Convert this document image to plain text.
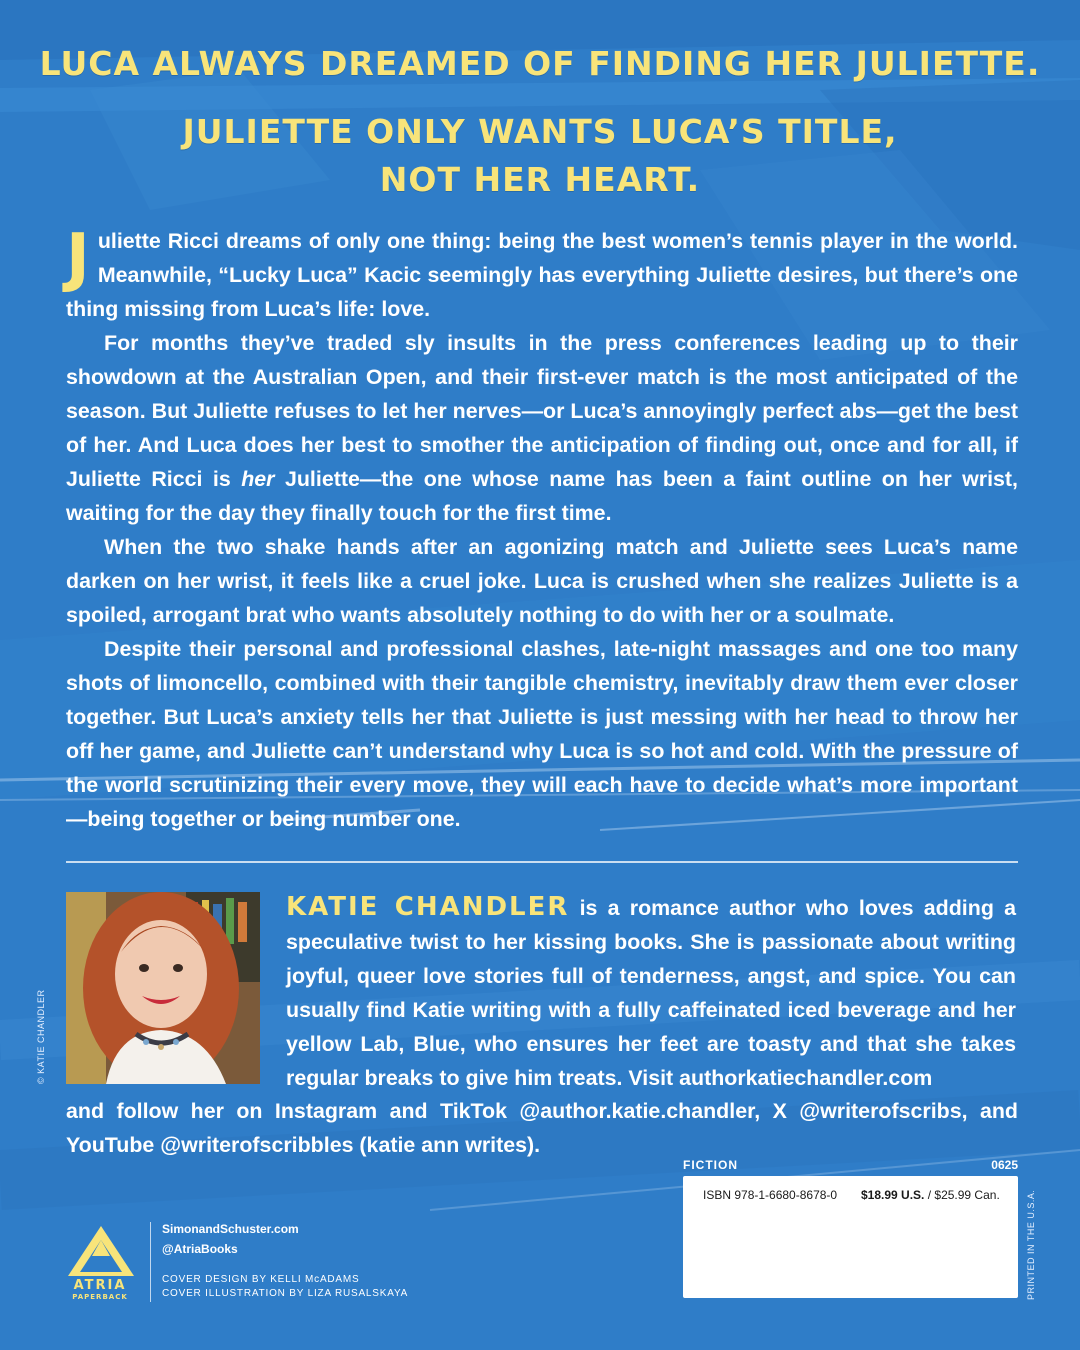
LUCA ALWAYS DREAMED OF FINDING HER JULIETTE.
JULIETTE ONLY WANTS LUCA’S TITLE,
NOT HER HEART.

Juliette Ricci dreams of only one thing: being the best women’s tennis player in the world. Meanwhile, “Lucky Luca” Kacic seemingly has everything Juliette desires, but there’s one thing missing from Luca’s life: love.

For months they’ve traded sly insults in the press conferences leading up to their showdown at the Australian Open, and their first-ever match is the most anticipated of the season. But Juliette refuses to let her nerves—or Luca’s annoyingly perfect abs—get the best of her. And Luca does her best to smother the anticipation of finding out, once and for all, if Juliette Ricci is her Juliette—the one whose name has been a faint outline on her wrist, waiting for the day they finally touch for the first time.

When the two shake hands after an agonizing match and Juliette sees Luca’s name darken on her wrist, it feels like a cruel joke. Luca is crushed when she realizes Juliette is a spoiled, arrogant brat who wants absolutely nothing to do with her or a soulmate.

Despite their personal and professional clashes, late-night massages and one too many shots of limoncello, combined with their tangible chemistry, inevitably draw them ever closer together. But Luca’s anxiety tells her that Juliette is just messing with her head to throw her off her game, and Juliette can’t understand why Luca is so hot and cold. With the pressure of the world scrutinizing their every move, they will each have to decide what’s more important—being together or being number one.

© KATIE CHANDLER
KATIE CHANDLER is a romance author who loves adding a speculative twist to her kissing books. She is passionate about writing joyful, queer love stories full of tenderness, angst, and spice. You can usually find Katie writing with a fully caffeinated iced beverage and her yellow Lab, Blue, who ensures her feet are toasty and that she takes regular breaks to give him treats. Visit authorkatiechandler.com
and follow her on Instagram and TikTok @author.katie.chandler, X @writerofscribs, and YouTube @writerofscribbles (katie ann writes).
FICTION	0625
ISBN 978-1-6680-8678-0 $18.99 U.S. / $25.99 Can.	PRINTED IN THE U.S.A.
ATRIA
PAPERBACK
SimonandSchuster.com
@AtriaBooks
COVER DESIGN BY KELLI McADAMS
COVER ILLUSTRATION BY LIZA RUSALSKAYA
